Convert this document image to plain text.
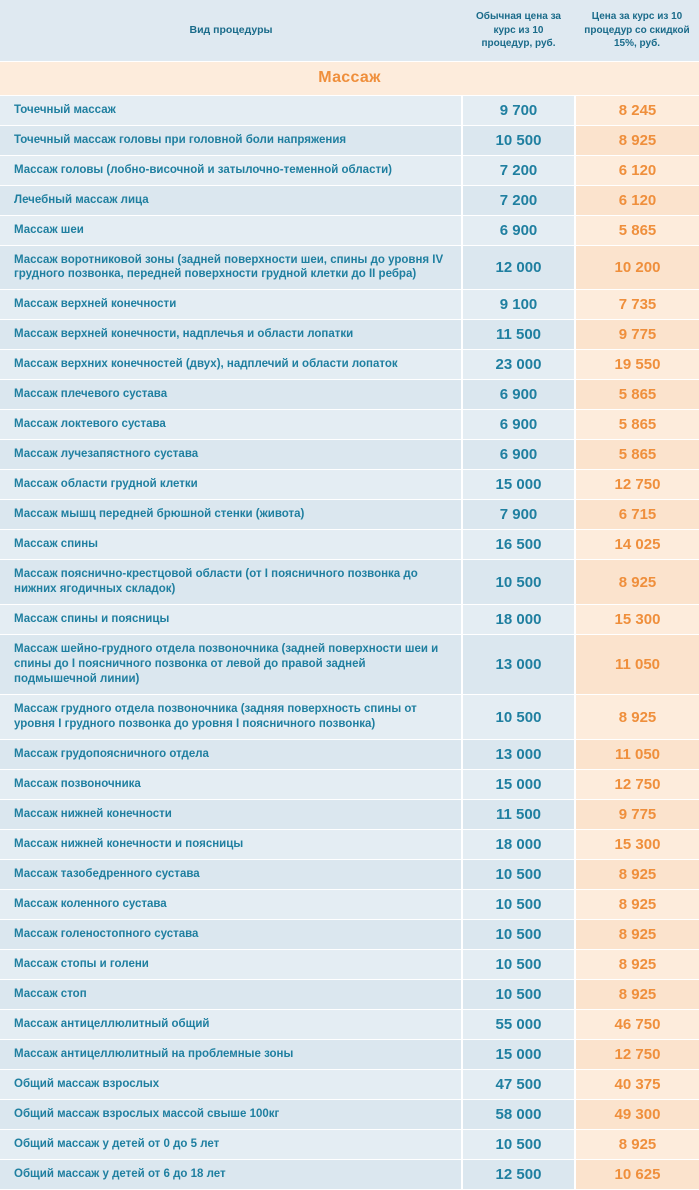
Вид процедуры	Обычная цена за курс из 10 процедур, руб.	Цена за курс из 10 процедур со скидкой 15%, руб.
Массаж		
Точечный массаж	9 700	8 245
Точечный массаж головы при головной боли напряжения	10 500	8 925
Массаж головы (лобно-височной и затылочно-теменной области)	7 200	6 120
Лечебный массаж лица	7 200	6 120
Массаж шеи	6 900	5 865
Массаж воротниковой зоны (задней поверхности шеи, спины до уровня IV грудного позвонка, передней поверхности грудной клетки до II ребра)	12 000	10 200
Массаж верхней конечности	9 100	7 735
Массаж верхней конечности, надплечья и области лопатки	11 500	9 775
Массаж верхних конечностей (двух), надплечий и области лопаток	23 000	19 550
Массаж плечевого сустава	6 900	5 865
Массаж локтевого сустава	6 900	5 865
Массаж лучезапястного сустава	6 900	5 865
Массаж области грудной клетки	15 000	12 750
Массаж мышц передней брюшной стенки (живота)	7 900	6 715
Массаж спины	16 500	14 025
Массаж пояснично-крестцовой области (от I поясничного позвонка до нижних ягодичных складок)	10 500	8 925
Массаж спины и поясницы	18 000	15 300
Массаж шейно-грудного отдела позвоночника (задней поверхности шеи и спины до I поясничного позвонка от левой до правой задней подмышечной линии)	13 000	11 050
Массаж грудного отдела позвоночника (задняя поверхность спины от уровня I грудного позвонка до уровня I поясничного позвонка)	10 500	8 925
Массаж грудопоясничного отдела	13 000	11 050
Массаж позвоночника	15 000	12 750
Массаж нижней конечности	11 500	9 775
Массаж нижней конечности и поясницы	18 000	15 300
Массаж тазобедренного сустава	10 500	8 925
Массаж коленного сустава	10 500	8 925
Массаж голеностопного сустава	10 500	8 925
Массаж стопы и голени	10 500	8 925
Массаж стоп	10 500	8 925
Массаж антицеллюлитный общий	55 000	46 750
Массаж антицеллюлитный на проблемные зоны	15 000	12 750
Общий массаж взрослых	47 500	40 375
Общий массаж взрослых массой свыше 100кг	58 000	49 300
Общий массаж у детей от 0 до 5 лет	10 500	8 925
Общий массаж у детей от 6 до 18 лет	12 500	10 625
